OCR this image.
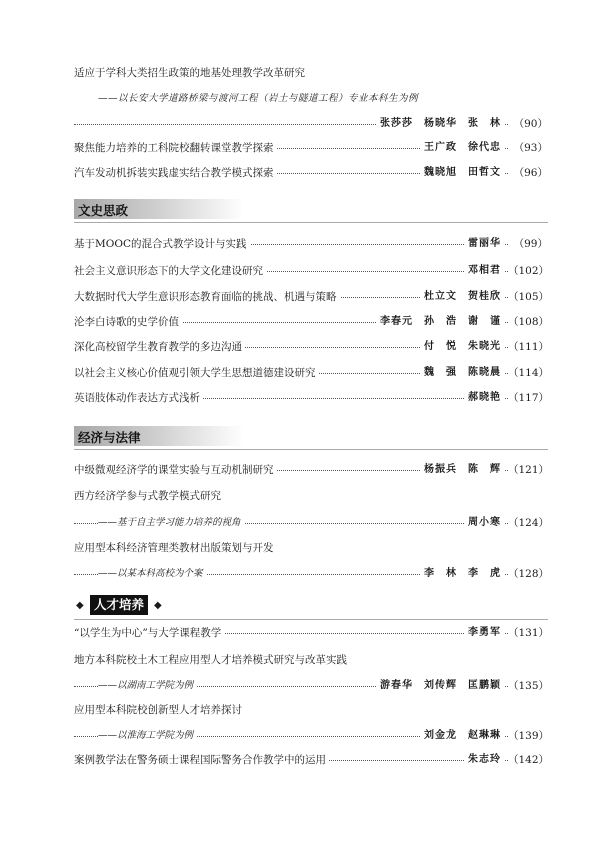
适应于学科大类招生政策的地基处理教学改革研究
——以长安大学道路桥梁与渡河工程（岩土与隧道工程）专业本科生为例
张莎莎　杨晓华　张　林	（90）
聚焦能力培养的工科院校翻转课堂教学探索	王广政　徐代忠	（93）
汽车发动机拆装实践虚实结合教学模式探索	魏晓旭　田哲文	（96）
文史思政
基于MOOC的混合式教学设计与实践	雷丽华	（99）
社会主义意识形态下的大学文化建设研究	邓相君 （102）
大数据时代大学生意识形态教育面临的挑战、机遇与策略	杜立文　贺桂欣 （105）
沦李白诗歌的史学价值	李春元　孙　浩　谢　谨 （108）
深化高校留学生教育教学的多边沟通	付　悦　朱晓光 （111）
以社会主义核心价值观引领大学生思想道德建设研究	魏　强　陈晓晨 （114）
英语肢体动作表达方式浅析	郝晓艳 （117）
经济与法律
中级微观经济学的课堂实验与互动机制研究	杨振兵　陈　辉 （121）
西方经济学参与式教学模式研究
——基于自主学习能力培养的视角	周小寒 （124）
应用型本科经济管理类教材出版策划与开发
——以某本科高校为个案	李　林　李　虎 （128）
◆ 人才培养	◆
“以学生为中心”与大学课程教学	李勇军 （131）
地方本科院校土木工程应用型人才培养模式研究与改革实践
——以湖南工学院为例	游春华　刘传辉　匡鹏颖 （135）
应用型本科院校创新型人才培养探讨
——以淮海工学院为例	刘金龙　赵琳琳 （139）
案例教学法在警务硕士课程国际警务合作教学中的运用	朱志玲 （142）
